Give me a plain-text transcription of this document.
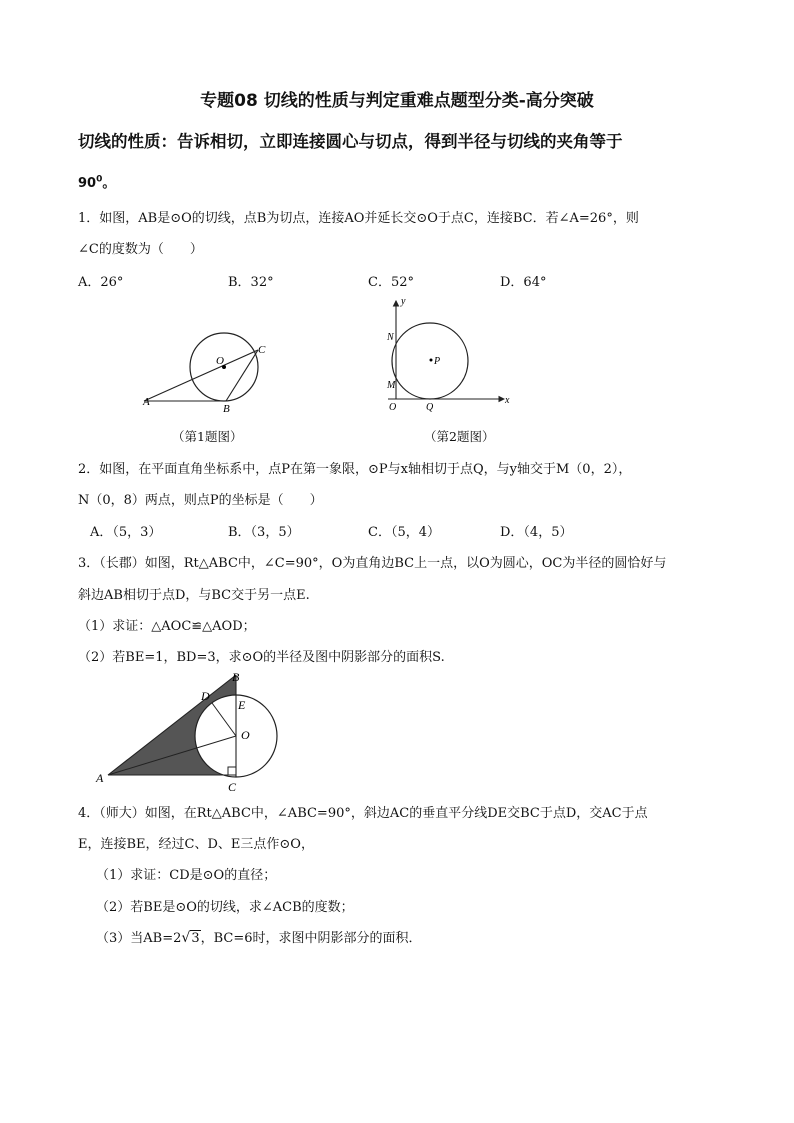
专题08 切线的性质与判定重难点题型分类-高分突破
切线的性质：告诉相切，立即连接圆心与切点，得到半径与切线的夹角等于
$90^0$。
1．如图，AB是⊙O的切线，点B为切点，连接AO并延长交⊙O于点C，连接BC．若∠A=26°，则
∠C的度数为（　　）
A．26°	B．32°	C．52°	D．64°
O
C
A
B
（第1题图）
y
x
N
M
O	Q
P
（第2题图）
2．如图，在平面直角坐标系中，点P在第一象限，⊙P与x轴相切于点Q，与y轴交于M（0，2），
N（0，8）两点，则点P的坐标是（　　）
A．（5，3）	B．（3，5）	C．（5，4）	D．（4，5）
3．（长郡）如图，Rt△ABC中，∠C=90°，O为直角边BC上一点，以O为圆心，OC为半径的圆恰好与
斜边AB相切于点D，与BC交于另一点E.
（1）求证：△AOC≌△AOD；
（2）若BE=1，BD=3，求⊙O的半径及图中阴影部分的面积S.
B
D
E
O
A
C
4．（师大）如图，在Rt△ABC中，∠ABC=90°，斜边AC的垂直平分线DE交BC于点D，交AC于点
E，连接BE，经过C、D、E三点作⊙O，
（1）求证：CD是⊙O的直径；
（2）若BE是⊙O的切线，求∠ACB的度数；
（3）当AB=2√3，BC=6时，求图中阴影部分的面积．
